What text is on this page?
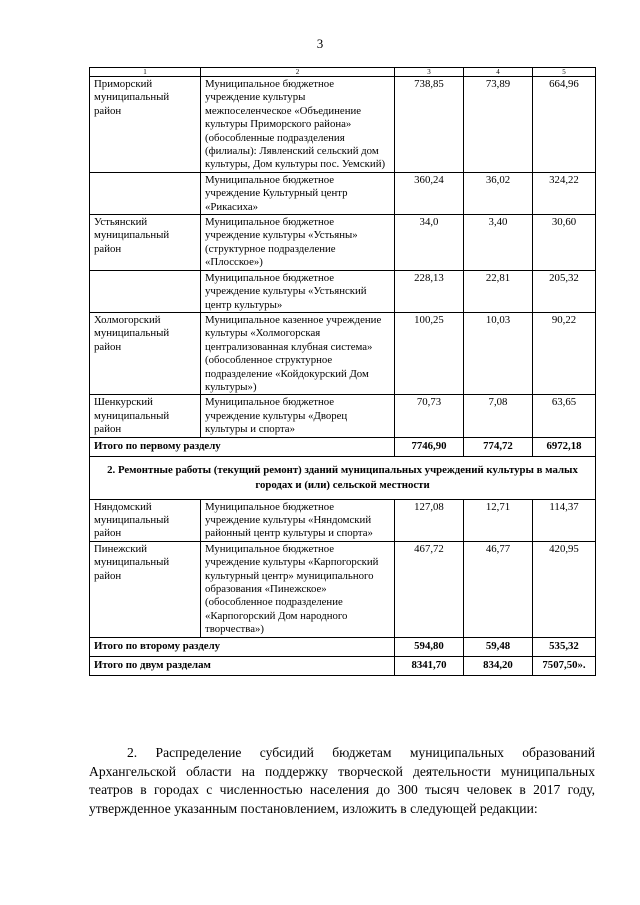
3
1	2	3	4	5
Приморский муниципальный район	Муниципальное бюджетное учреждение культуры межпоселенческое «Объединение культуры Приморского района» (обособленные подразделения (филиалы): Лявленский сельский дом культуры, Дом культуры пос. Уемский)	738,85	73,89	664,96
	Муниципальное бюджетное учреждение Культурный центр «Рикасиха»	360,24	36,02	324,22
Устьянский муниципальный район	Муниципальное бюджетное учреждение культуры «Устьяны» (структурное подразделение «Плосское»)	34,0	3,40	30,60
	Муниципальное бюджетное учреждение культуры «Устьянский центр культуры»	228,13	22,81	205,32
Холмогорский муниципальный район	Муниципальное казенное учреждение культуры «Холмогорская централизованная клубная система» (обособленное структурное подразделение «Койдокурский Дом культуры»)	100,25	10,03	90,22
Шенкурский муниципальный район	Муниципальное бюджетное учреждение культуры «Дворец культуры и спорта»	70,73	7,08	63,65
Итого по первому разделу		7746,90	774,72	6972,18
2. Ремонтные работы (текущий ремонт) зданий муниципальных учреждений культуры в малых городах и (или) сельской местности				
Няндомский муниципальный район	Муниципальное бюджетное учреждение культуры «Няндомский районный центр культуры и спорта»	127,08	12,71	114,37
Пинежский муниципальный район	Муниципальное бюджетное учреждение культуры «Карпогорский культурный центр» муниципального образования «Пинежское» (обособленное подразделение «Карпогорский Дом народного творчества»)	467,72	46,77	420,95
Итого по второму разделу		594,80	59,48	535,32
Итого по двум разделам		8341,70	834,20	7507,50».

2. Распределение субсидий бюджетам муниципальных образований Архангельской области на поддержку творческой деятельности муниципальных театров в городах с численностью населения до 300 тысяч человек в 2017 году, утвержденное указанным постановлением, изложить в следующей редакции:
